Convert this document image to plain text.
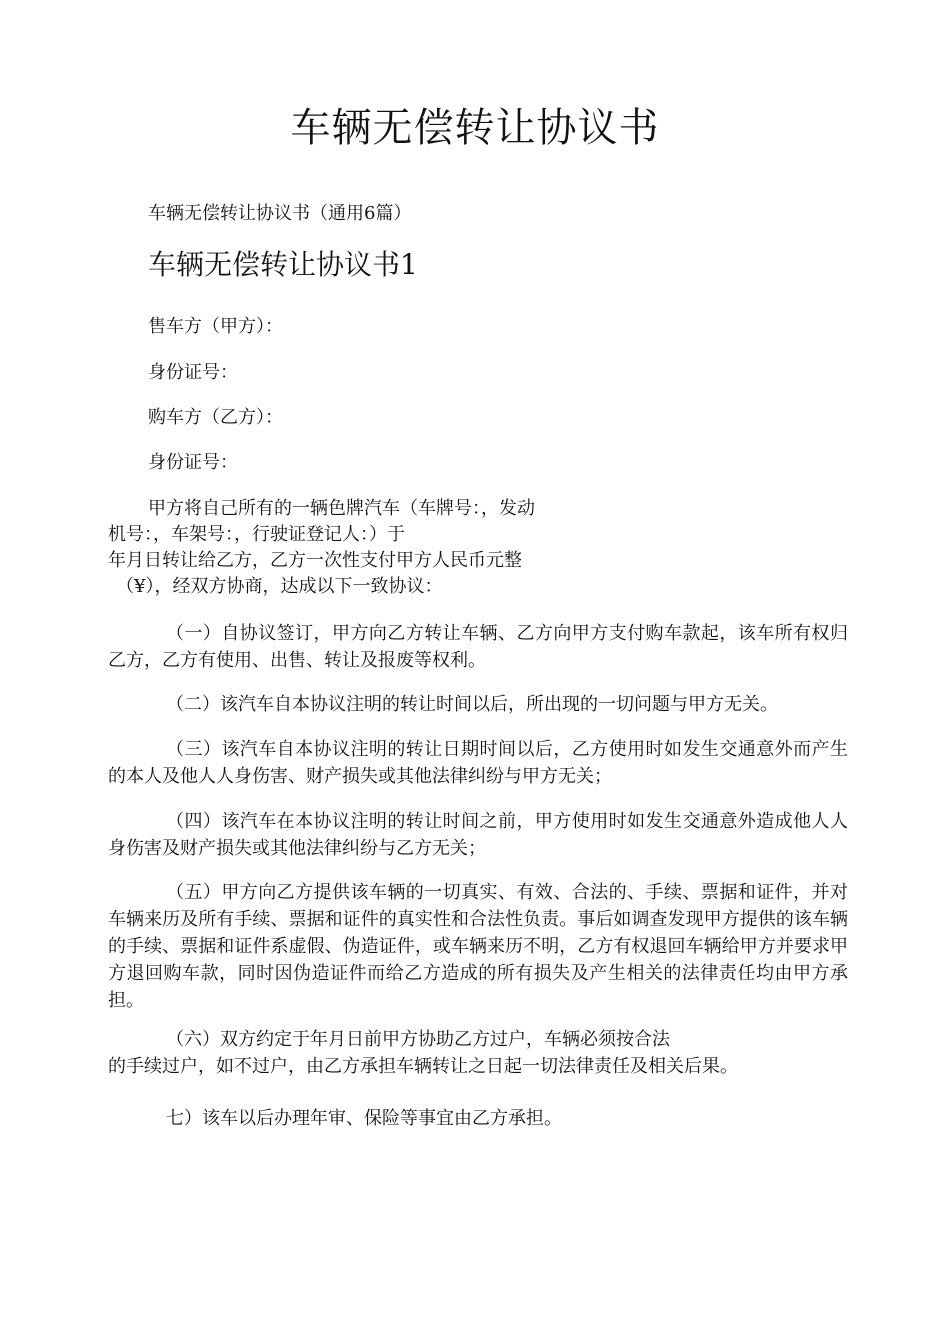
车辆无偿转让协议书
车辆无偿转让协议书（通用6篇）
车辆无偿转让协议书1
售车方（甲方）：
身份证号：
购车方（乙方）：
身份证号：
甲方将自己所有的一辆色牌汽车（车牌号：，发动
机号：，车架号：，行驶证登记人：）于
年月日转让给乙方，乙方一次性支付甲方人民币元整
（¥），经双方协商，达成以下一致协议：
（一）自协议签订，甲方向乙方转让车辆、乙方向甲方支付购车款起，该车所有权归乙方，乙方有使用、出售、转让及报废等权利。
（二）该汽车自本协议注明的转让时间以后，所出现的一切问题与甲方无关。
（三）该汽车自本协议注明的转让日期时间以后，乙方使用时如发生交通意外而产生的本人及他人人身伤害、财产损失或其他法律纠纷与甲方无关；
（四）该汽车在本协议注明的转让时间之前，甲方使用时如发生交通意外造成他人人身伤害及财产损失或其他法律纠纷与乙方无关；
（五）甲方向乙方提供该车辆的一切真实、有效、合法的、手续、票据和证件，并对车辆来历及所有手续、票据和证件的真实性和合法性负责。事后如调查发现甲方提供的该车辆的手续、票据和证件系虚假、伪造证件，或车辆来历不明，乙方有权退回车辆给甲方并要求甲方退回购车款，同时因伪造证件而给乙方造成的所有损失及产生相关的法律责任均由甲方承担。
（六）双方约定于年月日前甲方协助乙方过户，车辆必须按合法
的手续过户，如不过户，由乙方承担车辆转让之日起一切法律责任及相关后果。
七）该车以后办理年审、保险等事宜由乙方承担。
